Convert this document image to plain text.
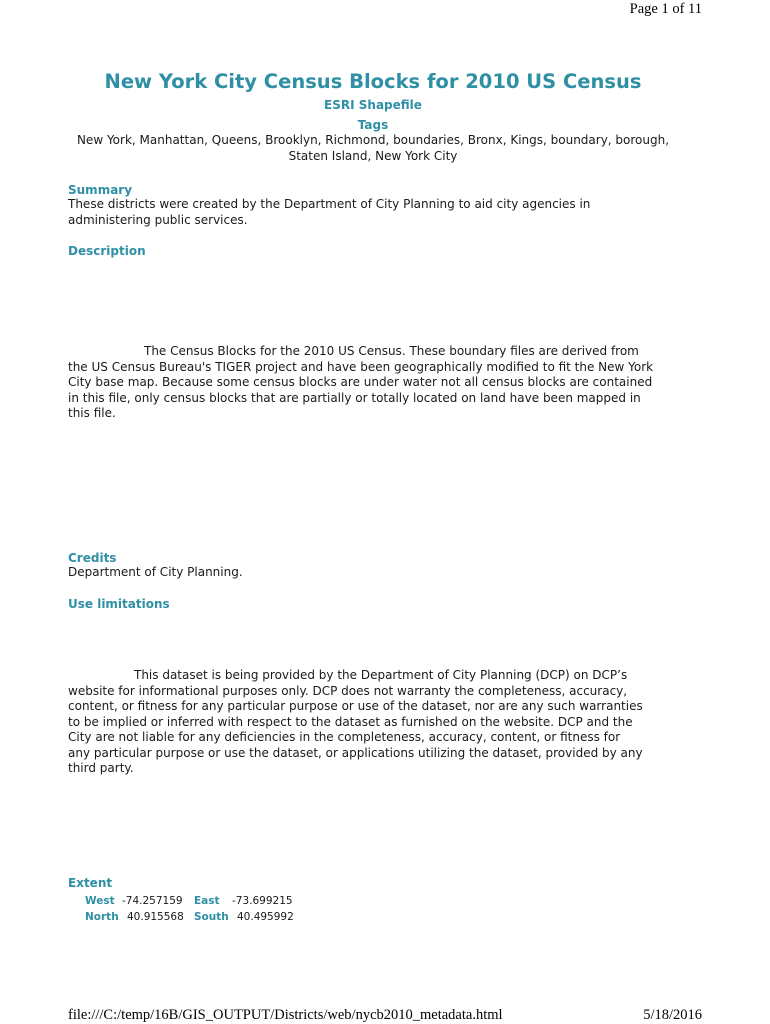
Page 1 of 11
New York City Census Blocks for 2010 US Census
ESRI Shapefile
Tags
New York, Manhattan, Queens, Brooklyn, Richmond, boundaries, Bronx, Kings, boundary, borough, Staten Island, New York City
Summary
These districts were created by the Department of City Planning to aid city agencies in administering public services.
Description
The Census Blocks for the 2010 US Census. These boundary files are derived from the US Census Bureau's TIGER project and have been geographically modified to fit the New York City base map. Because some census blocks are under water not all census blocks are contained in this file, only census blocks that are partially or totally located on land have been mapped in this file.
Credits
Department of City Planning.
Use limitations
This dataset is being provided by the Department of City Planning (DCP) on DCP’s website for informational purposes only. DCP does not warranty the completeness, accuracy, content, or fitness for any particular purpose or use of the dataset, nor are any such warranties to be implied or inferred with respect to the dataset as furnished on the website. DCP and the City are not liable for any deficiencies in the completeness, accuracy, content, or fitness for any particular purpose or use the dataset, or applications utilizing the dataset, provided by any third party.
Extent
West -74.257159 East -73.699215
North 40.915568 South 40.495992
file:///C:/temp/16B/GIS_OUTPUT/Districts/web/nycb2010_metadata.html	5/18/2016
